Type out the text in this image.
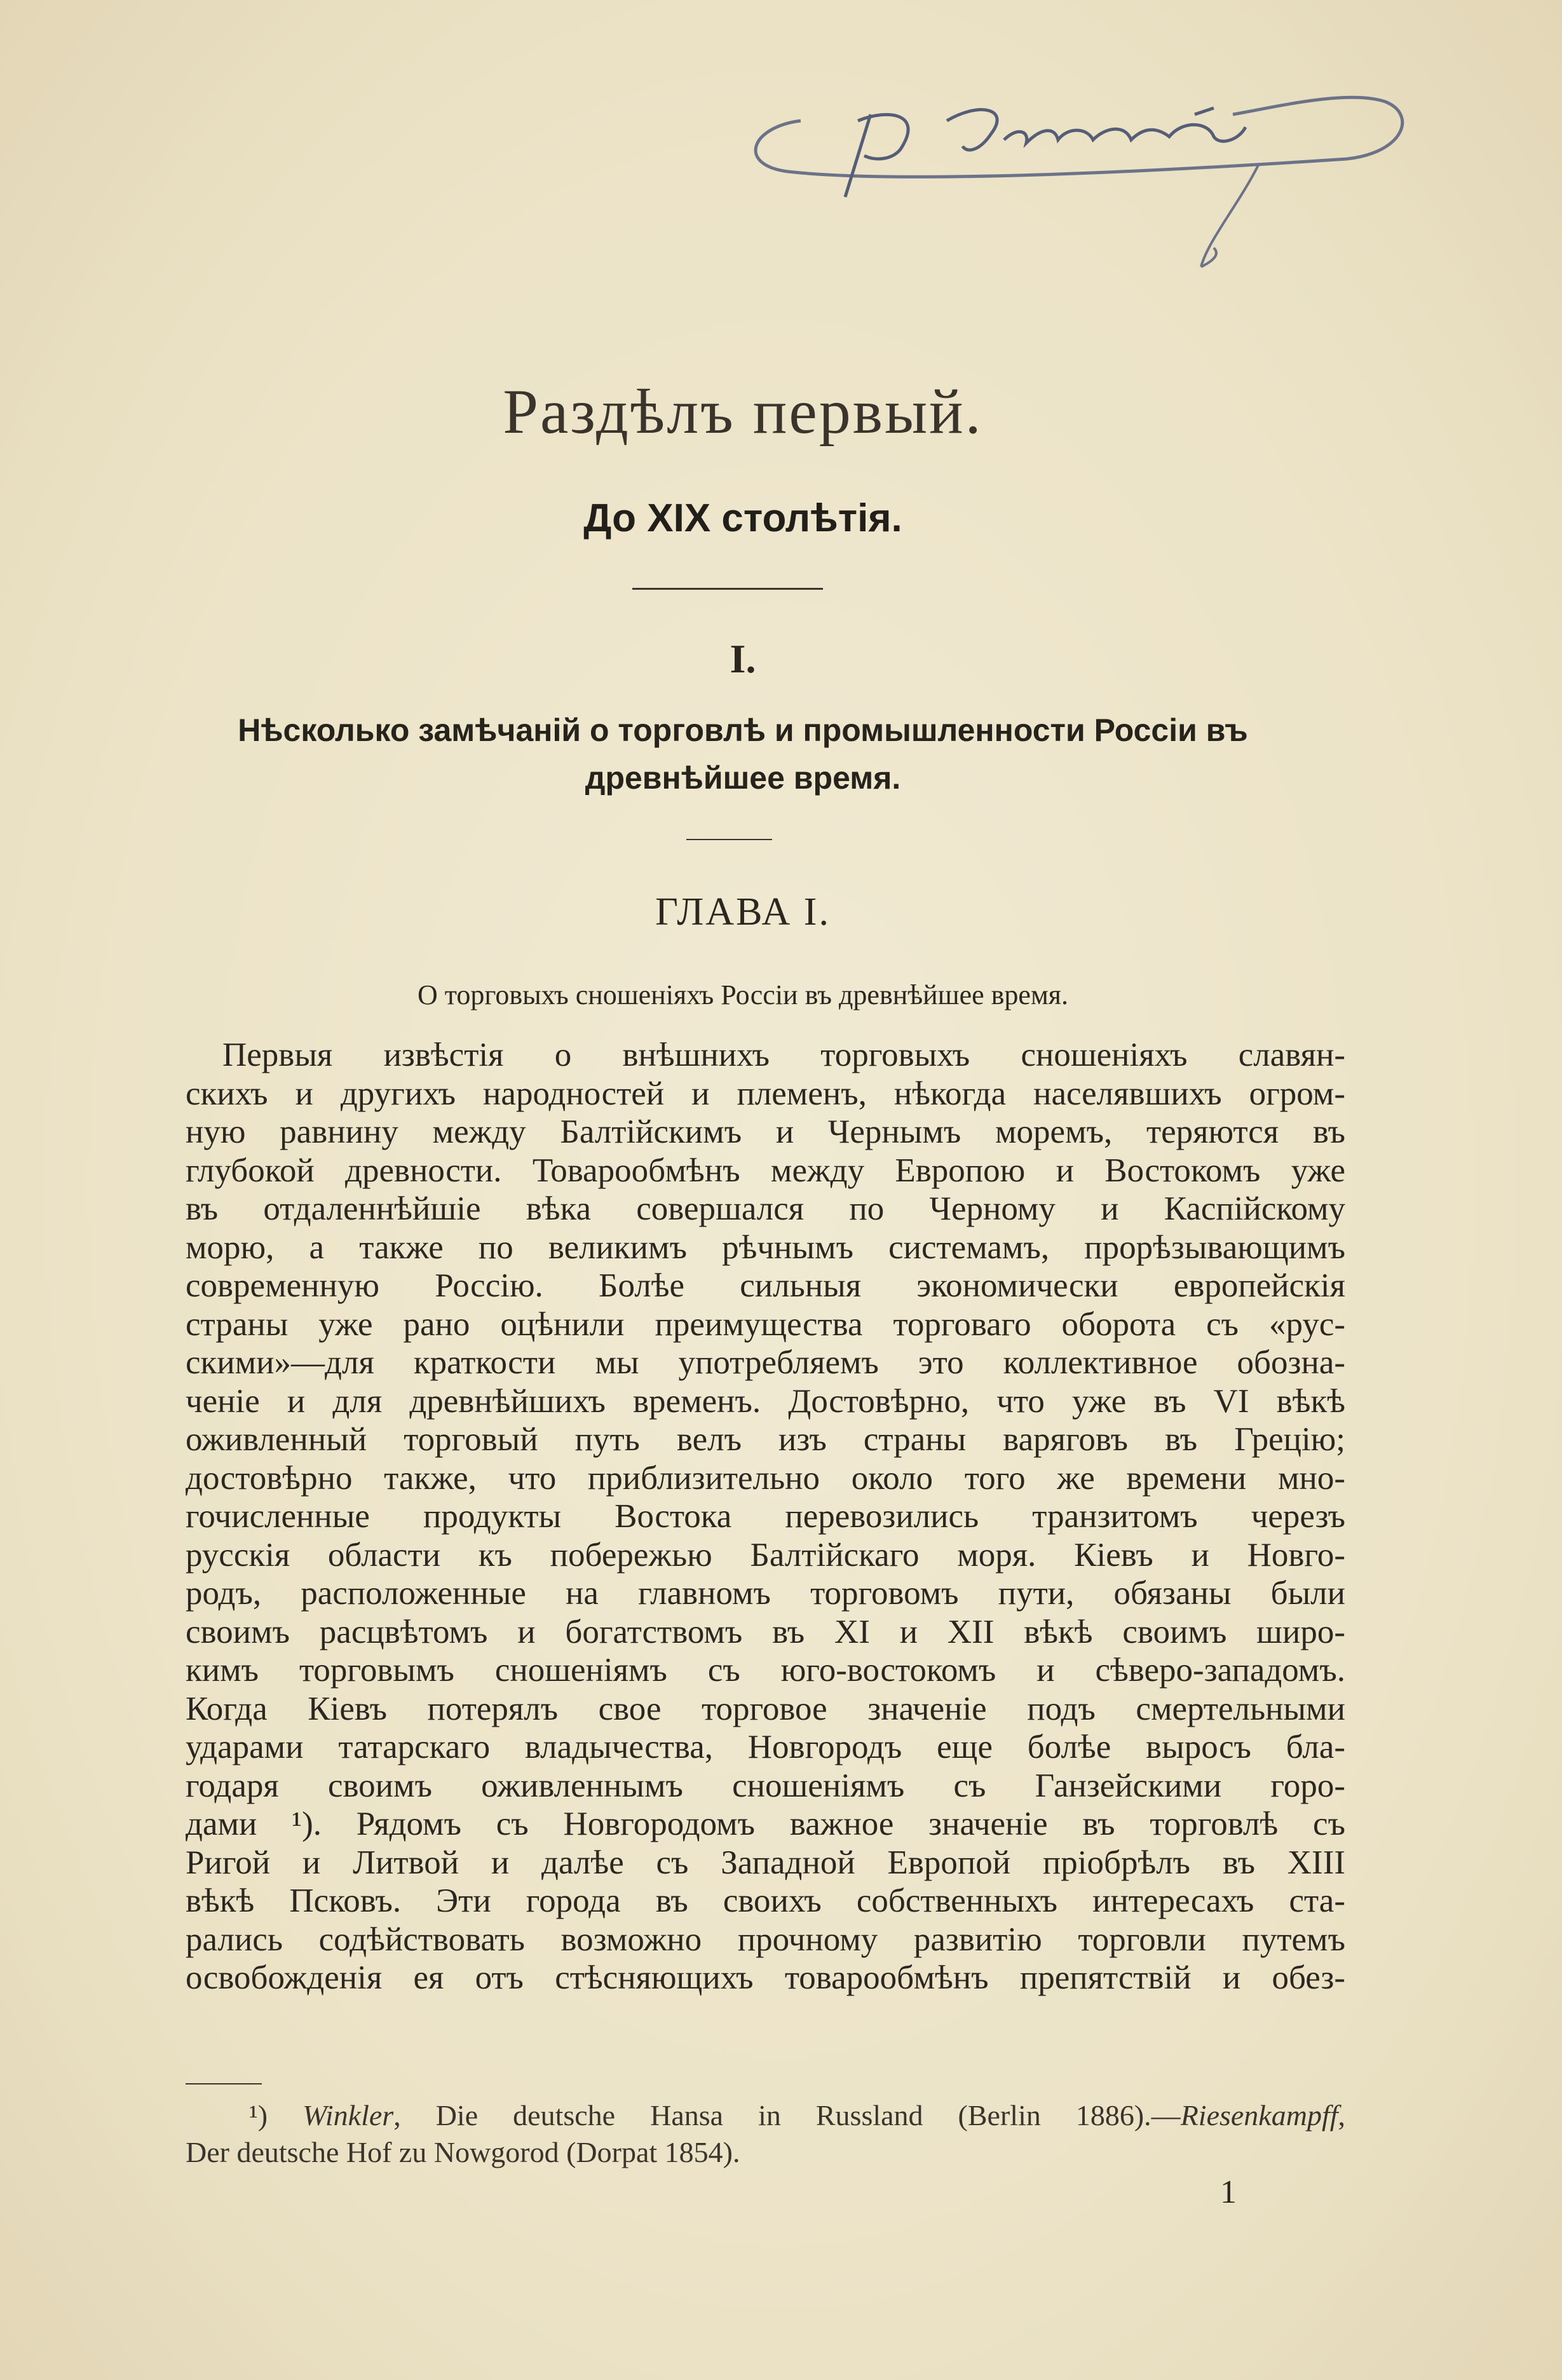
Раздѣлъ первый.
До XIX столѣтія.
I.
Нѣсколько замѣчаній о торговлѣ и промышленности Россіи въ
древнѣйшее время.
ГЛАВА I.
О торговыхъ сношеніяхъ Россіи въ древнѣйшее время.
Первыя извѣстія о внѣшнихъ торговыхъ сношеніяхъ славян-
скихъ и другихъ народностей и племенъ, нѣкогда населявшихъ огром-
ную равнину между Балтійскимъ и Чернымъ моремъ, теряются въ
глубокой древности. Товарообмѣнъ между Европою и Востокомъ уже
въ отдаленнѣйшіе вѣка совершался по Черному и Каспійскому
морю, а также по великимъ рѣчнымъ системамъ, прорѣзывающимъ
современную Россію. Болѣе сильныя экономически европейскія
страны уже рано оцѣнили преимущества торговаго оборота съ «рус-
скими»—для краткости мы употребляемъ это коллективное обозна-
ченіе и для древнѣйшихъ временъ. Достовѣрно, что уже въ VI вѣкѣ
оживленный торговый путь велъ изъ страны варяговъ въ Грецію;
достовѣрно также, что приблизительно около того же времени мно-
гочисленные продукты Востока перевозились транзитомъ черезъ
русскія области къ побережью Балтійскаго моря. Кіевъ и Новго-
родъ, расположенные на главномъ торговомъ пути, обязаны были
своимъ расцвѣтомъ и богатствомъ въ XI и XII вѣкѣ своимъ широ-
кимъ торговымъ сношеніямъ съ юго-востокомъ и сѣверо-западомъ.
Когда Кіевъ потерялъ свое торговое значеніе подъ смертельными
ударами татарскаго владычества, Новгородъ еще болѣе выросъ бла-
годаря своимъ оживленнымъ сношеніямъ съ Ганзейскими горо-
дами ¹). Рядомъ съ Новгородомъ важное значеніе въ торговлѣ съ
Ригой и Литвой и далѣе съ Западной Европой пріобрѣлъ въ XIII
вѣкѣ Псковъ. Эти города въ своихъ собственныхъ интересахъ ста-
рались содѣйствовать возможно прочному развитію торговли путемъ
освобожденія ея отъ стѣсняющихъ товарообмѣнъ препятствій и обез-
¹) Winkler, Die deutsche Hansa in Russland (Berlin 1886).—Riesenkampff,
Der deutsche Hof zu Nowgorod (Dorpat 1854).
1
